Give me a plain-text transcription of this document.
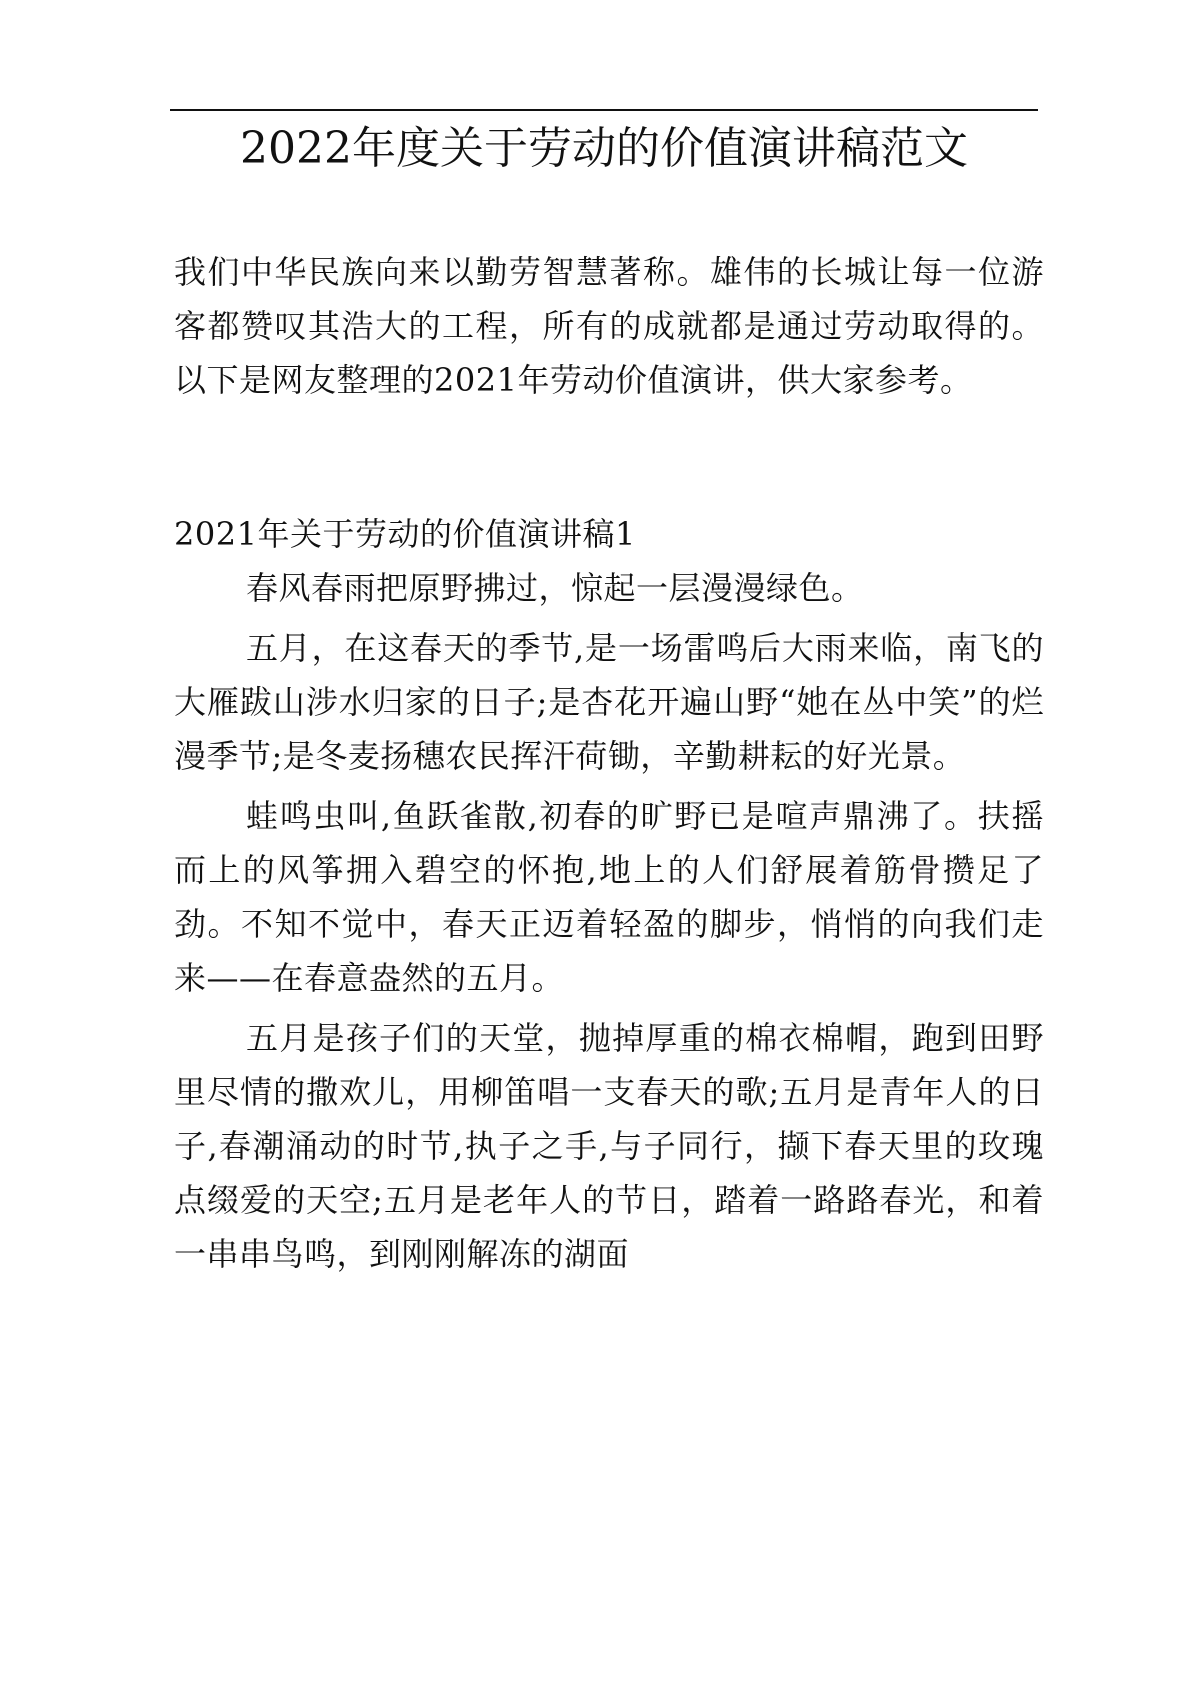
2022年度关于劳动的价值演讲稿范文

我们中华民族向来以勤劳智慧著称。雄伟的长城让每一位游客都赞叹其浩大的工程，所有的成就都是通过劳动取得的。以下是网友整理的2021年劳动价值演讲，供大家参考。

2021年关于劳动的价值演讲稿1

春风春雨把原野拂过，惊起一层漫漫绿色。

五月，在这春天的季节,是一场雷鸣后大雨来临，南飞的大雁跋山涉水归家的日子;是杏花开遍山野“她在丛中笑”的烂漫季节;是冬麦扬穗农民挥汗荷锄，辛勤耕耘的好光景。

蛙鸣虫叫,鱼跃雀散,初春的旷野已是喧声鼎沸了。扶摇而上的风筝拥入碧空的怀抱,地上的人们舒展着筋骨攒足了劲。不知不觉中，春天正迈着轻盈的脚步，悄悄的向我们走来——在春意盎然的五月。

五月是孩子们的天堂，抛掉厚重的棉衣棉帽，跑到田野里尽情的撒欢儿，用柳笛唱一支春天的歌;五月是青年人的日子,春潮涌动的时节,执子之手,与子同行，撷下春天里的玫瑰点缀爱的天空;五月是老年人的节日，踏着一路路春光，和着一串串鸟鸣，到刚刚解冻的湖面
